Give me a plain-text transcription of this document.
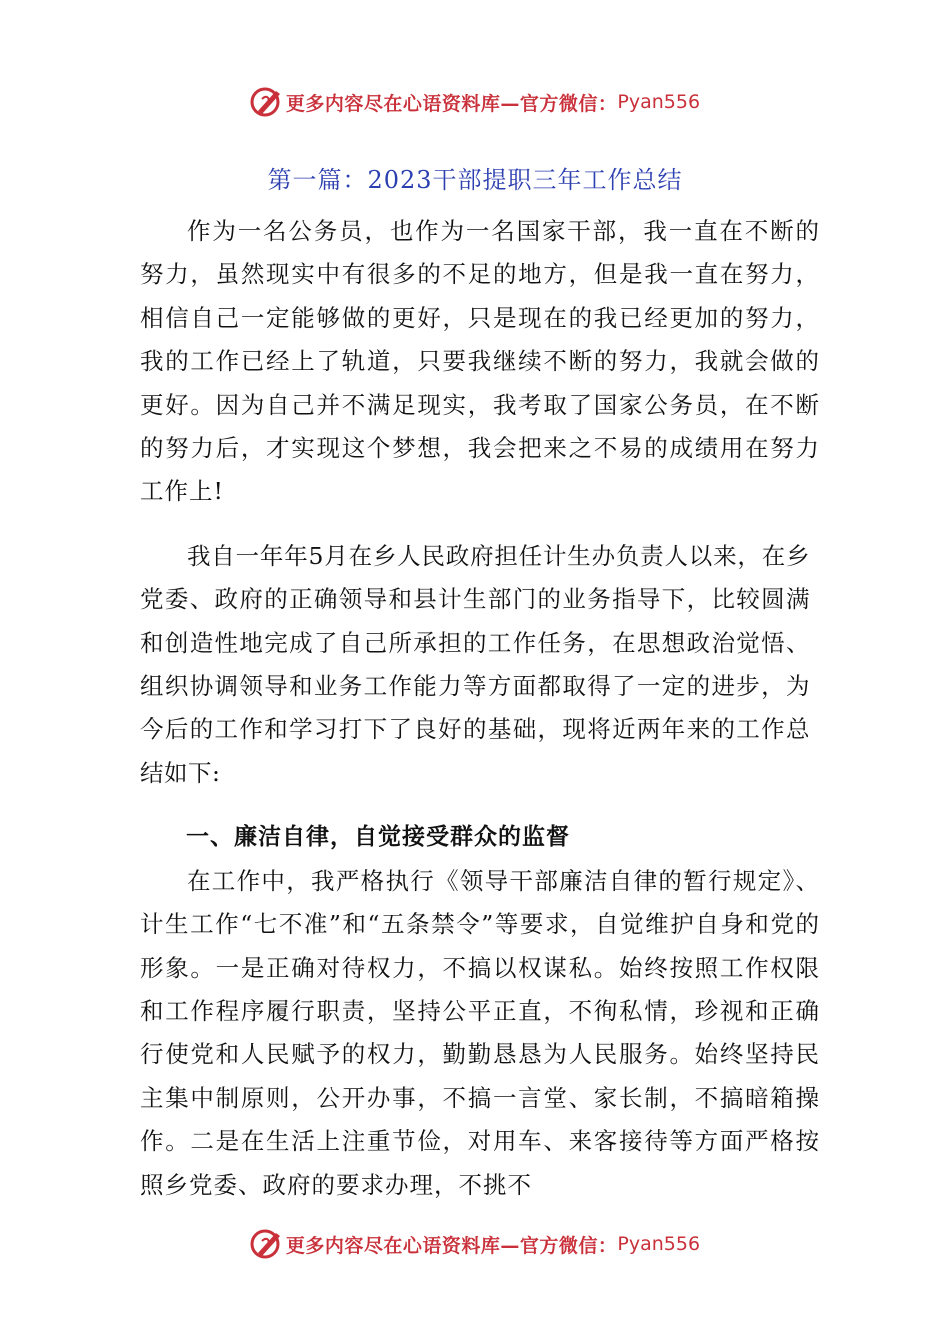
更多内容尽在心语资料库—官方微信： Pyan556
第一篇：2023干部提职三年工作总结

作为一名公务员，也作为一名国家干部，我一直在不断的努力，虽然现实中有很多的不足的地方，但是我一直在努力，相信自己一定能够做的更好，只是现在的我已经更加的努力，我的工作已经上了轨道，只要我继续不断的努力，我就会做的更好。因为自己并不满足现实，我考取了国家公务员，在不断的努力后，才实现这个梦想，我会把来之不易的成绩用在努力工作上!

我自一年年5月在乡人民政府担任计生办负责人以来，在乡党委、政府的正确领导和县计生部门的业务指导下，比较圆满和创造性地完成了自己所承担的工作任务，在思想政治觉悟、组织协调领导和业务工作能力等方面都取得了一定的进步，为今后的工作和学习打下了良好的基础，现将近两年来的工作总结如下:

一、廉洁自律，自觉接受群众的监督

在工作中，我严格执行《领导干部廉洁自律的暂行规定》、计生工作“七不准”和“五条禁令”等要求，自觉维护自身和党的形象。一是正确对待权力，不搞以权谋私。始终按照工作权限和工作程序履行职责，坚持公平正直，不徇私情，珍视和正确行使党和人民赋予的权力，勤勤恳恳为人民服务。始终坚持民主集中制原则，公开办事，不搞一言堂、家长制，不搞暗箱操作。二是在生活上注重节俭，对用车、来客接待等方面严格按照乡党委、政府的要求办理，不挑不

更多内容尽在心语资料库—官方微信： Pyan556
